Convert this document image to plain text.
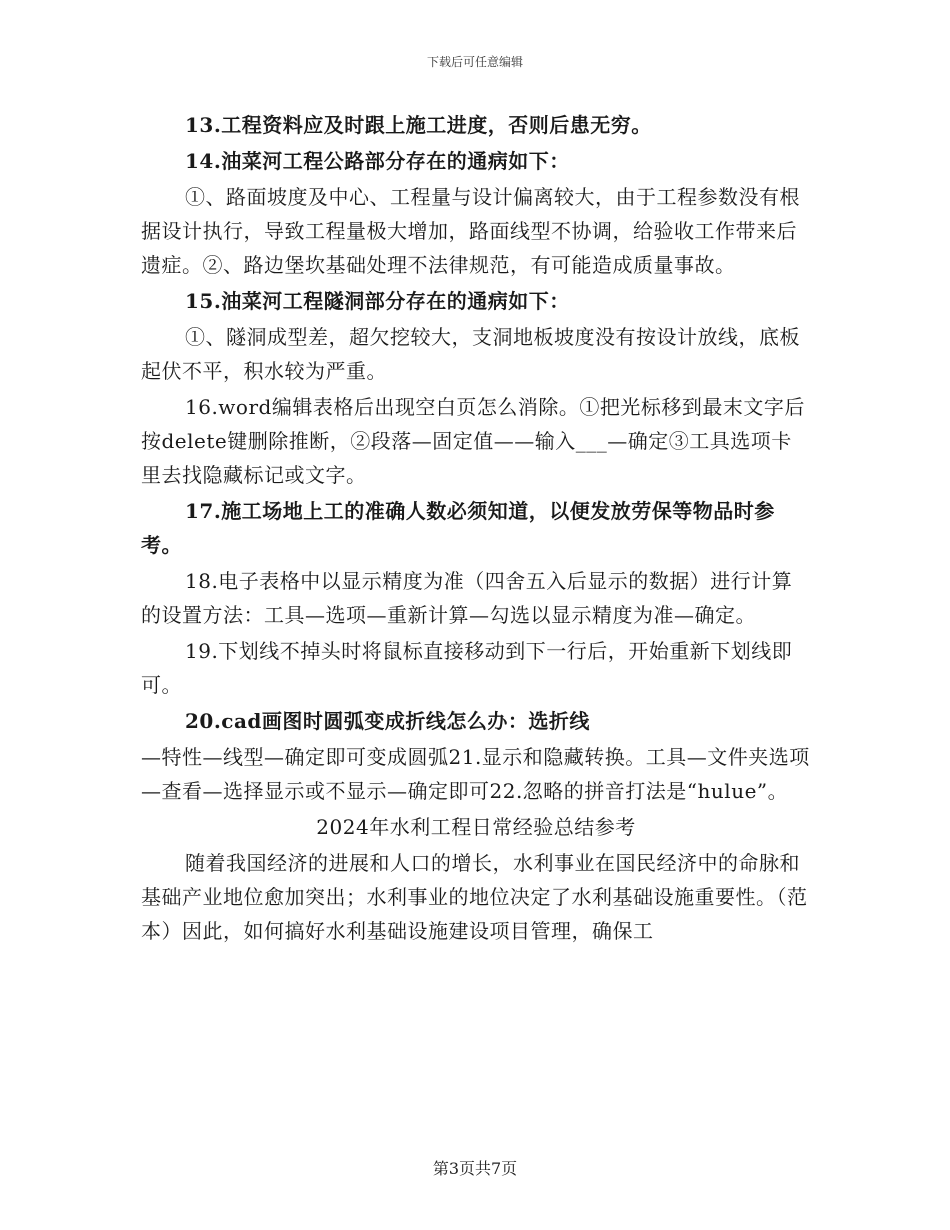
下载后可任意编辑

13.工程资料应及时跟上施工进度，否则后患无穷。

14.油菜河工程公路部分存在的通病如下：

①、路面坡度及中心、工程量与设计偏离较大，由于工程参数没有根据设计执行，导致工程量极大增加，路面线型不协调，给验收工作带来后遗症。②、路边堡坎基础处理不法律规范，有可能造成质量事故。

15.油菜河工程隧洞部分存在的通病如下：

①、隧洞成型差，超欠挖较大，支洞地板坡度没有按设计放线，底板起伏不平，积水较为严重。

16.word编辑表格后出现空白页怎么消除。①把光标移到最末文字后按delete键删除推断，②段落—固定值——输入___—确定③工具选项卡里去找隐藏标记或文字。

17.施工场地上工的准确人数必须知道，以便发放劳保等物品时参考。

18.电子表格中以显示精度为准（四舍五入后显示的数据）进行计算的设置方法：工具—选项—重新计算—勾选以显示精度为准—确定。

19.下划线不掉头时将鼠标直接移动到下一行后，开始重新下划线即可。

20.cad画图时圆弧变成折线怎么办：选折线

—特性—线型—确定即可变成圆弧21.显示和隐藏转换。工具—文件夹选项—查看—选择显示或不显示—确定即可22.忽略的拼音打法是“hulue”。

2024年水利工程日常经验总结参考

随着我国经济的进展和人口的增长，水利事业在国民经济中的命脉和基础产业地位愈加突出；水利事业的地位决定了水利基础设施重要性。（范本）因此，如何搞好水利基础设施建设项目管理，确保工

第3页共7页
